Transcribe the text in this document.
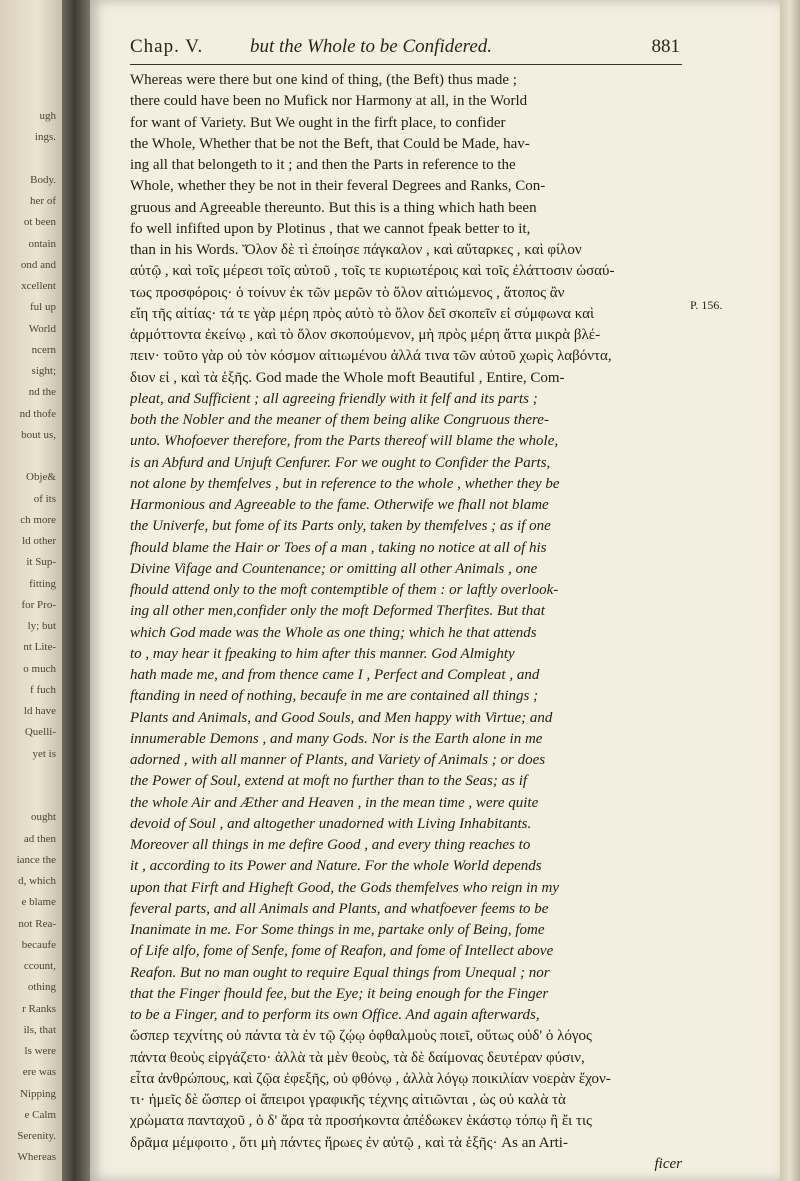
ugh
ings.
Body.
her of
ot been
ontain
ond and
xcellent
ful up
World
ncern
sight;
nd the
nd thofe
bout us,
Obje&
of its
ch more
ld other
it Sup-
fitting
for Pro-
ly; but
nt Lite-
o much
f fuch
ld have
Quelli-
yet is
ought
ad then
iance the
d, which
e blame
not Rea-
becaufe
ccount,
othing
r Ranks
ils, that
ls were
ere was
Nipping
e Calm
Serenity.
Whereas
Chap. V. but the Whole to be Confidered.	881
Whereas were there but one kind of thing, (the Beft) thus made ;
there could have been no Mufick nor Harmony at all, in the World
for want of Variety. But We ought in the firft place, to confider
the Whole, Whether that be not the Beft, that Could be Made, hav-
ing all that belongeth to it ; and then the Parts in reference to the
Whole, whether they be not in their feveral Degrees and Ranks, Con-
gruous and Agreeable thereunto. But this is a thing which hath been
fo well infifted upon by Plotinus , that we cannot fpeak better to it,
than in his Words. Ὅλον δὲ τὶ ἐποίησε πάγκαλον , καὶ αὔταρκες , καὶ φίλον
αὑτῷ , καὶ τοῖς μέρεσι τοῖς αὑτοῦ , τοῖς τε κυριωτέροις καὶ τοῖς ἐλάττοσιν ὡσαύ-
τως προσφόροις· ὁ τοίνυν ἐκ τῶν μερῶν τὸ ὅλον αἰτιώμενος , ἄτοπος ἂν
εἴη τῆς αἰτίας· τά τε γὰρ μέρη πρὸς αὐτὸ τὸ ὅλον δεῖ σκοπεῖν εἰ σύμφωνα καὶ
ἁρμόττοντα ἐκείνῳ , καὶ τὸ ὅλον σκοπούμενον, μὴ πρὸς μέρη ἄττα μικρὰ βλέ-
πειν· τοῦτο γὰρ οὐ τὸν κόσμον αἰτιωμένου ἀλλά τινα τῶν αὐτοῦ χωρὶς λαβόντα,
διον εἰ , καὶ τὰ ἑξῆς. God made the Whole moft Beautiful , Entire, Com-
pleat, and Sufficient ; all agreeing friendly with it felf and its parts ;
both the Nobler and the meaner of them being alike Congruous there-
unto. Whofoever therefore, from the Parts thereof will blame the whole,
is an Abfurd and Unjuft Cenfurer. For we ought to Confider the Parts,
not alone by themfelves , but in reference to the whole , whether they be
Harmonious and Agreeable to the fame. Otherwife we fhall not blame
the Univerfe, but fome of its Parts only, taken by themfelves ; as if one
fhould blame the Hair or Toes of a man , taking no notice at all of his
Divine Vifage and Countenance; or omitting all other Animals , one
fhould attend only to the moft contemptible of them : or laftly overlook-
ing all other men,confider only the moft Deformed Therfites. But that
which God made was the Whole as one thing; which he that attends
to , may hear it fpeaking to him after this manner. God Almighty
hath made me, and from thence came I , Perfect and Compleat , and
ftanding in need of nothing, becaufe in me are contained all things ;
Plants and Animals, and Good Souls, and Men happy with Virtue; and
innumerable Demons , and many Gods. Nor is the Earth alone in me
adorned , with all manner of Plants, and Variety of Animals ; or does
the Power of Soul, extend at moft no further than to the Seas; as if
the whole Air and Æther and Heaven , in the mean time , were quite
devoid of Soul , and altogether unadorned with Living Inhabitants.
Moreover all things in me defire Good , and every thing reaches to
it , according to its Power and Nature. For the whole World depends
upon that Firft and Higheft Good, the Gods themfelves who reign in my
feveral parts, and all Animals and Plants, and whatfoever feems to be
Inanimate in me. For Some things in me, partake only of Being, fome
of Life alfo, fome of Senfe, fome of Reafon, and fome of Intellect above
Reafon. But no man ought to require Equal things from Unequal ; nor
that the Finger fhould fee, but the Eye; it being enough for the Finger
to be a Finger, and to perform its own Office. And again afterwards,
ὥσπερ τεχνίτης οὐ πάντα τὰ ἐν τῷ ζῴῳ ὀφθαλμοὺς ποιεῖ, οὕτως οὐδ' ὁ λόγος
πάντα θεοὺς εἰργάζετο· ἀλλὰ τὰ μὲν θεοὺς, τὰ δὲ δαίμονας δευτέραν φύσιν,
εἶτα ἀνθρώπους, καὶ ζῷα ἐφεξῆς, οὐ φθόνῳ , ἀλλὰ λόγῳ ποικιλίαν νοερὰν ἔχον-
τι· ἡμεῖς δὲ ὥσπερ οἱ ἄπειροι γραφικῆς τέχνης αἰτιῶνται , ὡς οὐ καλὰ τὰ
χρώματα πανταχοῦ , ὁ δ' ἄρα τὰ προσήκοντα ἀπέδωκεν ἑκάστῳ τόπῳ ἢ ἔι τις
δρᾶμα μέμφοιτο , ὅτι μὴ πάντες ἥρωες ἐν αὐτῷ , καὶ τὰ ἑξῆς· As an Arti-
ficer
P. 156.
